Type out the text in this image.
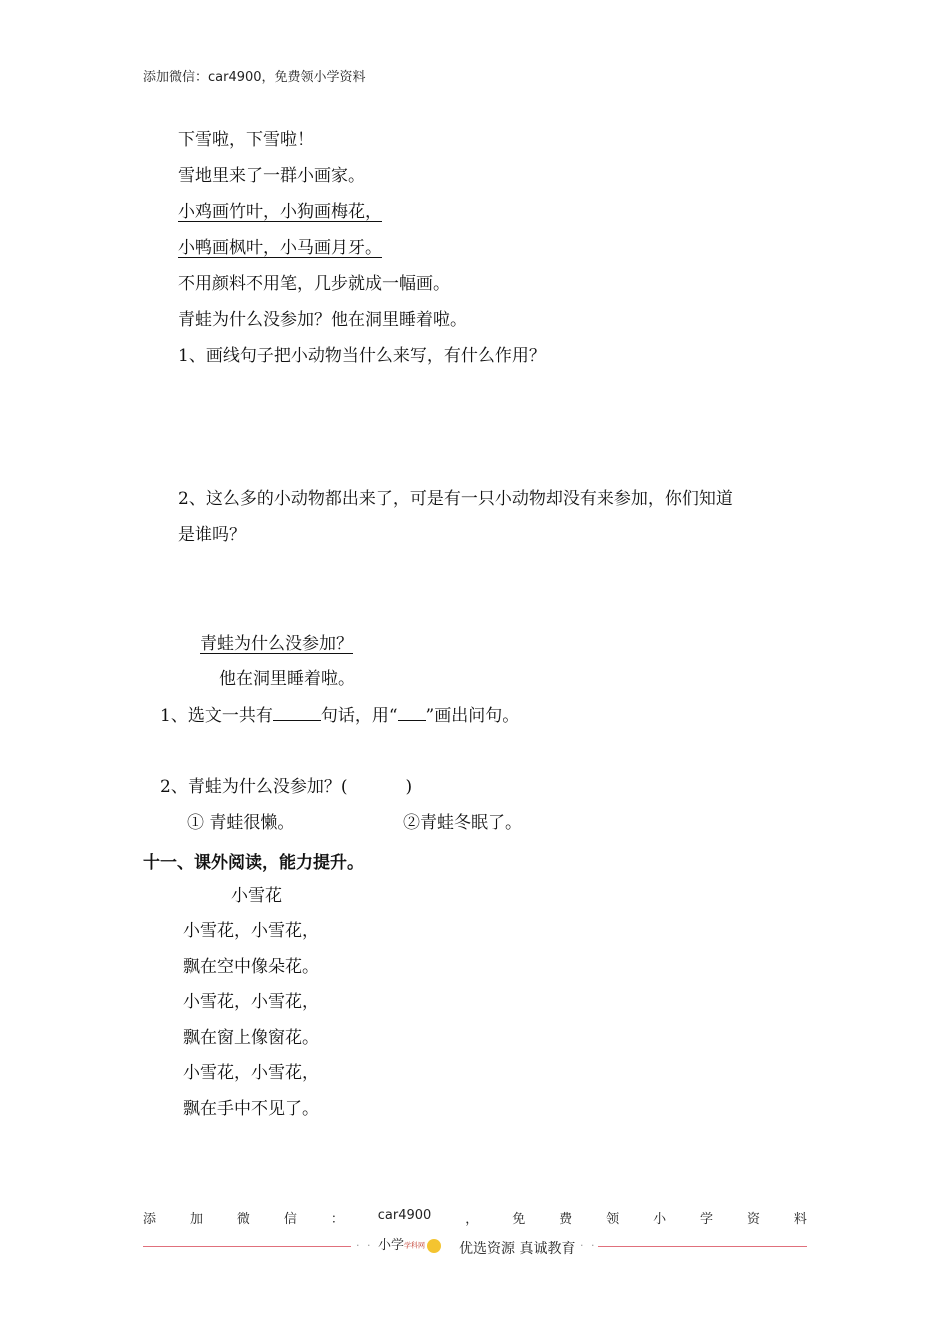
添加微信：car4900，免费领小学资料
下雪啦，下雪啦！
雪地里来了一群小画家。
小鸡画竹叶，小狗画梅花，
小鸭画枫叶，小马画月牙。
不用颜料不用笔，几步就成一幅画。
青蛙为什么没参加？他在洞里睡着啦。
1、画线句子把小动物当什么来写，有什么作用？
2、这么多的小动物都出来了，可是有一只小动物却没有来参加，你们知道
是谁吗？
青蛙为什么没参加？
他在洞里睡着啦。
1、选文一共有	句话，用“ ”画出问句。
2、青蛙为什么没参加？(	)
① 青蛙很懒。	②青蛙冬眠了。
十一、课外阅读，能力提升。
小雪花
小雪花，小雪花，
飘在空中像朵花。
小雪花，小雪花，
飘在窗上像窗花。
小雪花，小雪花，
飘在手中不见了。
添	加	微	信	：	car4900	，	免	费	领	小	学	资	料
· · 小学学科网	优选资源 真诚教育 · ·
